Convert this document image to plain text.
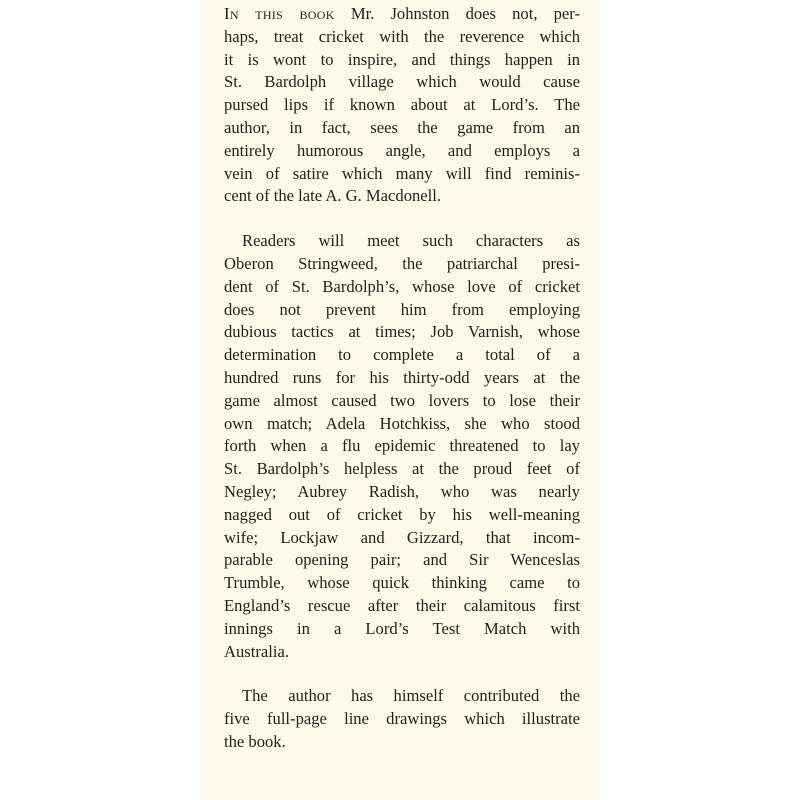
In this book Mr. Johnston does not, per-
haps, treat cricket with the reverence which
it is wont to inspire, and things happen in
St. Bardolph village which would cause
pursed lips if known about at Lord’s. The
author, in fact, sees the game from an
entirely humorous angle, and employs a
vein of satire which many will find reminis-
cent of the late A. G. Macdonell.

Readers will meet such characters as
Oberon Stringweed, the patriarchal presi-
dent of St. Bardolph’s, whose love of cricket
does not prevent him from employing
dubious tactics at times; Job Varnish, whose
determination to complete a total of a
hundred runs for his thirty-odd years at the
game almost caused two lovers to lose their
own match; Adela Hotchkiss, she who stood
forth when a flu epidemic threatened to lay
St. Bardolph’s helpless at the proud feet of
Negley; Aubrey Radish, who was nearly
nagged out of cricket by his well-meaning
wife; Lockjaw and Gizzard, that incom-
parable opening pair; and Sir Wenceslas
Trumble, whose quick thinking came to
England’s rescue after their calamitous first
innings in a Lord’s Test Match with
Australia.

The author has himself contributed the
five full-page line drawings which illustrate
the book.
